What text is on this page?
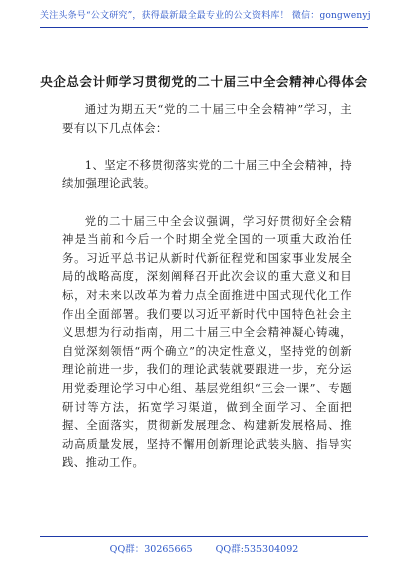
关注头条号“公文研究”，获得最新最全最专业的公文资料库！ 微信：gongwenyj
央企总会计师学习贯彻党的二十届三中全会精神心得体会

通过为期五天“党的二十届三中全会精神”学习，主要有以下几点体会：

1、坚定不移贯彻落实党的二十届三中全会精神，持续加强理论武装。

党的二十届三中全会议强调，学习好贯彻好全会精神是当前和今后一个时期全党全国的一项重大政治任务。习近平总书记从新时代新征程党和国家事业发展全局的战略高度，深刻阐释召开此次会议的重大意义和目标，对未来以改革为着力点全面推进中国式现代化工作作出全面部署。我们要以习近平新时代中国特色社会主义思想为行动指南，用二十届三中全会精神凝心铸魂，自觉深刻领悟“两个确立”的决定性意义，坚持党的创新理论前进一步，我们的理论武装就要跟进一步，充分运用党委理论学习中心组、基层党组织“三会一课”、专题研讨等方法，拓宽学习渠道，做到全面学习、全面把握、全面落实，贯彻新发展理念、构建新发展格局、推动高质量发展，坚持不懈用创新理论武装头脑、指导实践、推动工作。

QQ群：30265665 QQ群:535304092
